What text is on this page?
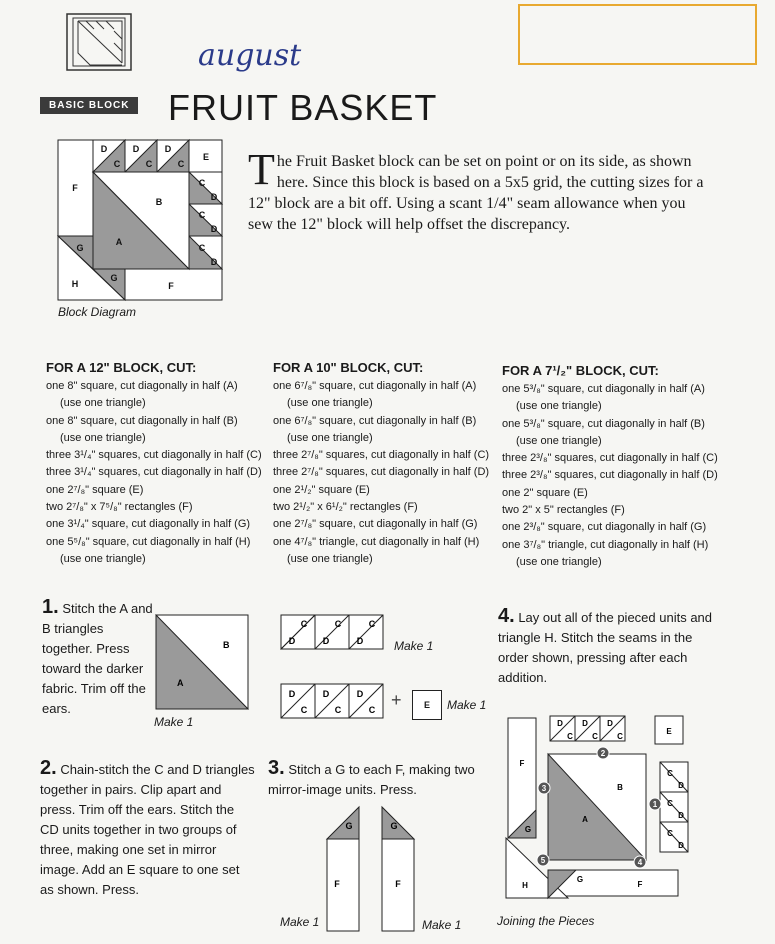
august
BASIC BLOCK FRUIT BASKET
D
C
D
C
D
C
E
C
D
C
D
C
D
F
B
A
G
G
H	F
Block Diagram
The Fruit Basket block can be set on point or on its side, as shown here. Since this block is based on a 5x5 grid, the cutting sizes for a 12" block are a bit off. Using a scant 1/4" seam allowance when you sew the 12" block will help offset the discrepancy.
FOR A 12" BLOCK, CUT:
one 8" square, cut diagonally in half (A)
(use one triangle)
one 8" square, cut diagonally in half (B)
(use one triangle)
three 3¹/₄" squares, cut diagonally in half (C)
three 3¹/₄" squares, cut diagonally in half (D)
one 2⁷/₈" square (E)
two 2⁷/₈" x 7⁵/₈" rectangles (F)
one 3¹/₄" square, cut diagonally in half (G)
one 5⁵/₈" square, cut diagonally in half (H)
(use one triangle)
FOR A 10" BLOCK, CUT:
one 6⁷/₈" square, cut diagonally in half (A)
(use one triangle)
one 6⁷/₈" square, cut diagonally in half (B)
(use one triangle)
three 2⁷/₈" squares, cut diagonally in half (C)
three 2⁷/₈" squares, cut diagonally in half (D)
one 2¹/₂" square (E)
two 2¹/₂" x 6¹/₂" rectangles (F)
one 2⁷/₈" square, cut diagonally in half (G)
one 4⁷/₈" triangle, cut diagonally in half (H)
(use one triangle)
FOR A 7¹/₂" BLOCK, CUT:
one 5³/₈" square, cut diagonally in half (A)
(use one triangle)
one 5³/₈" square, cut diagonally in half (B)
(use one triangle)
three 2³/₈" squares, cut diagonally in half (C)
three 2³/₈" squares, cut diagonally in half (D)
one 2" square (E)
two 2" x 5" rectangles (F)
one 2³/₈" square, cut diagonally in half (G)
one 3⁷/₈" triangle, cut diagonally in half (H)
(use one triangle)
1. Stitch the A and B triangles together. Press toward the darker fabric. Trim off the ears.
B
A
Make 1
C
D
C
D
C
D	Make 1
D
C
D
C
D
C +	E	Make 1
2. Chain-stitch the C and D triangles together in pairs. Clip apart and press. Trim off the ears. Stitch the CD units together in two groups of three, making one set in mirror image. Add an E square to one set as shown. Press.
3. Stitch a G to each F, making two mirror-image units. Press.
G	G
F	F
Make 1	Make 1
4. Lay out all of the pieced units and triangle H. Stitch the seams in the order shown, pressing after each addition.
D
C
D
C
D
C
E
F
B
A
G
G
F
H
C
D
C
D
C
D
1
2
3
4
5
Joining the Pieces
